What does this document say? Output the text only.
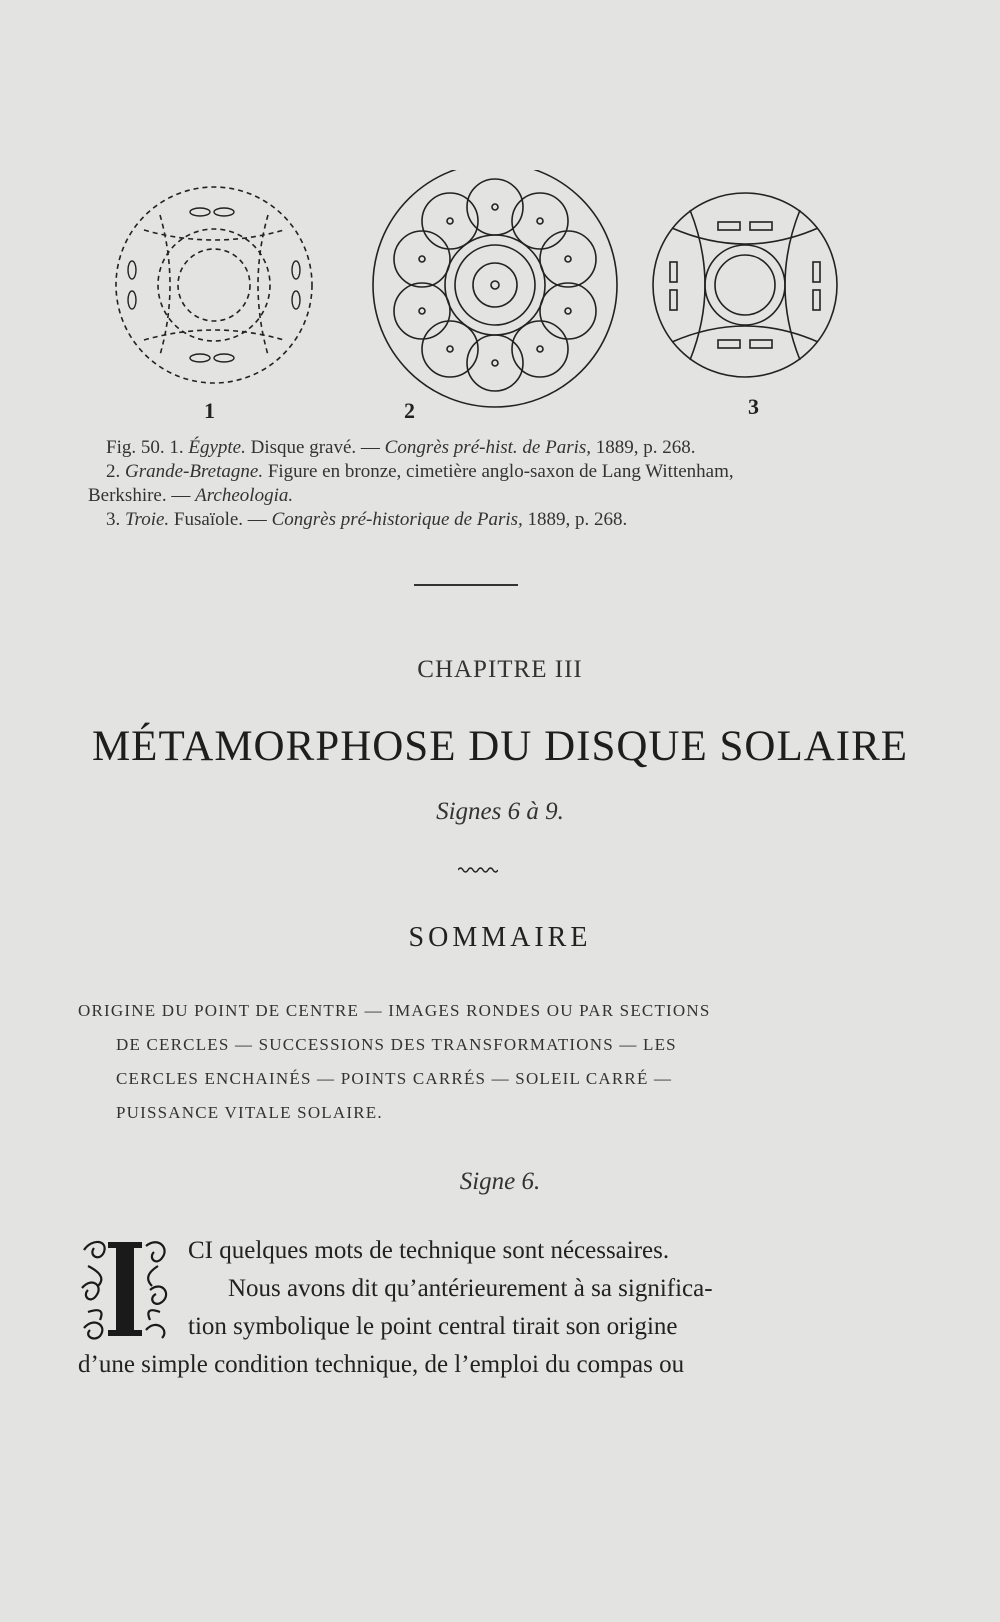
1	2	3

Fig. 50. 1. Égypte. Disque gravé. — Congrès pré-hist. de Paris, 1889, p. 268.

2. Grande-Bretagne. Figure en bronze, cimetière anglo-saxon de Lang Wittenham,

Berkshire. — Archeologia.

3. Troie. Fusaïole. — Congrès pré-historique de Paris, 1889, p. 268.

CHAPITRE III
MÉTAMORPHOSE DU DISQUE SOLAIRE
Signes 6 à 9.
SOMMAIRE
ORIGINE DU POINT DE CENTRE — IMAGES RONDES OU PAR SECTIONS
DE CERCLES — SUCCESSIONS DES TRANSFORMATIONS — LES
CERCLES ENCHAINÉS — POINTS CARRÉS — SOLEIL CARRÉ —
PUISSANCE VITALE SOLAIRE.
Signe 6.
CI quelques mots de technique sont nécessaires.
Nous avons dit qu’antérieurement à sa significa-
tion symbolique le point central tirait son origine
d’une simple condition technique, de l’emploi du compas ou
